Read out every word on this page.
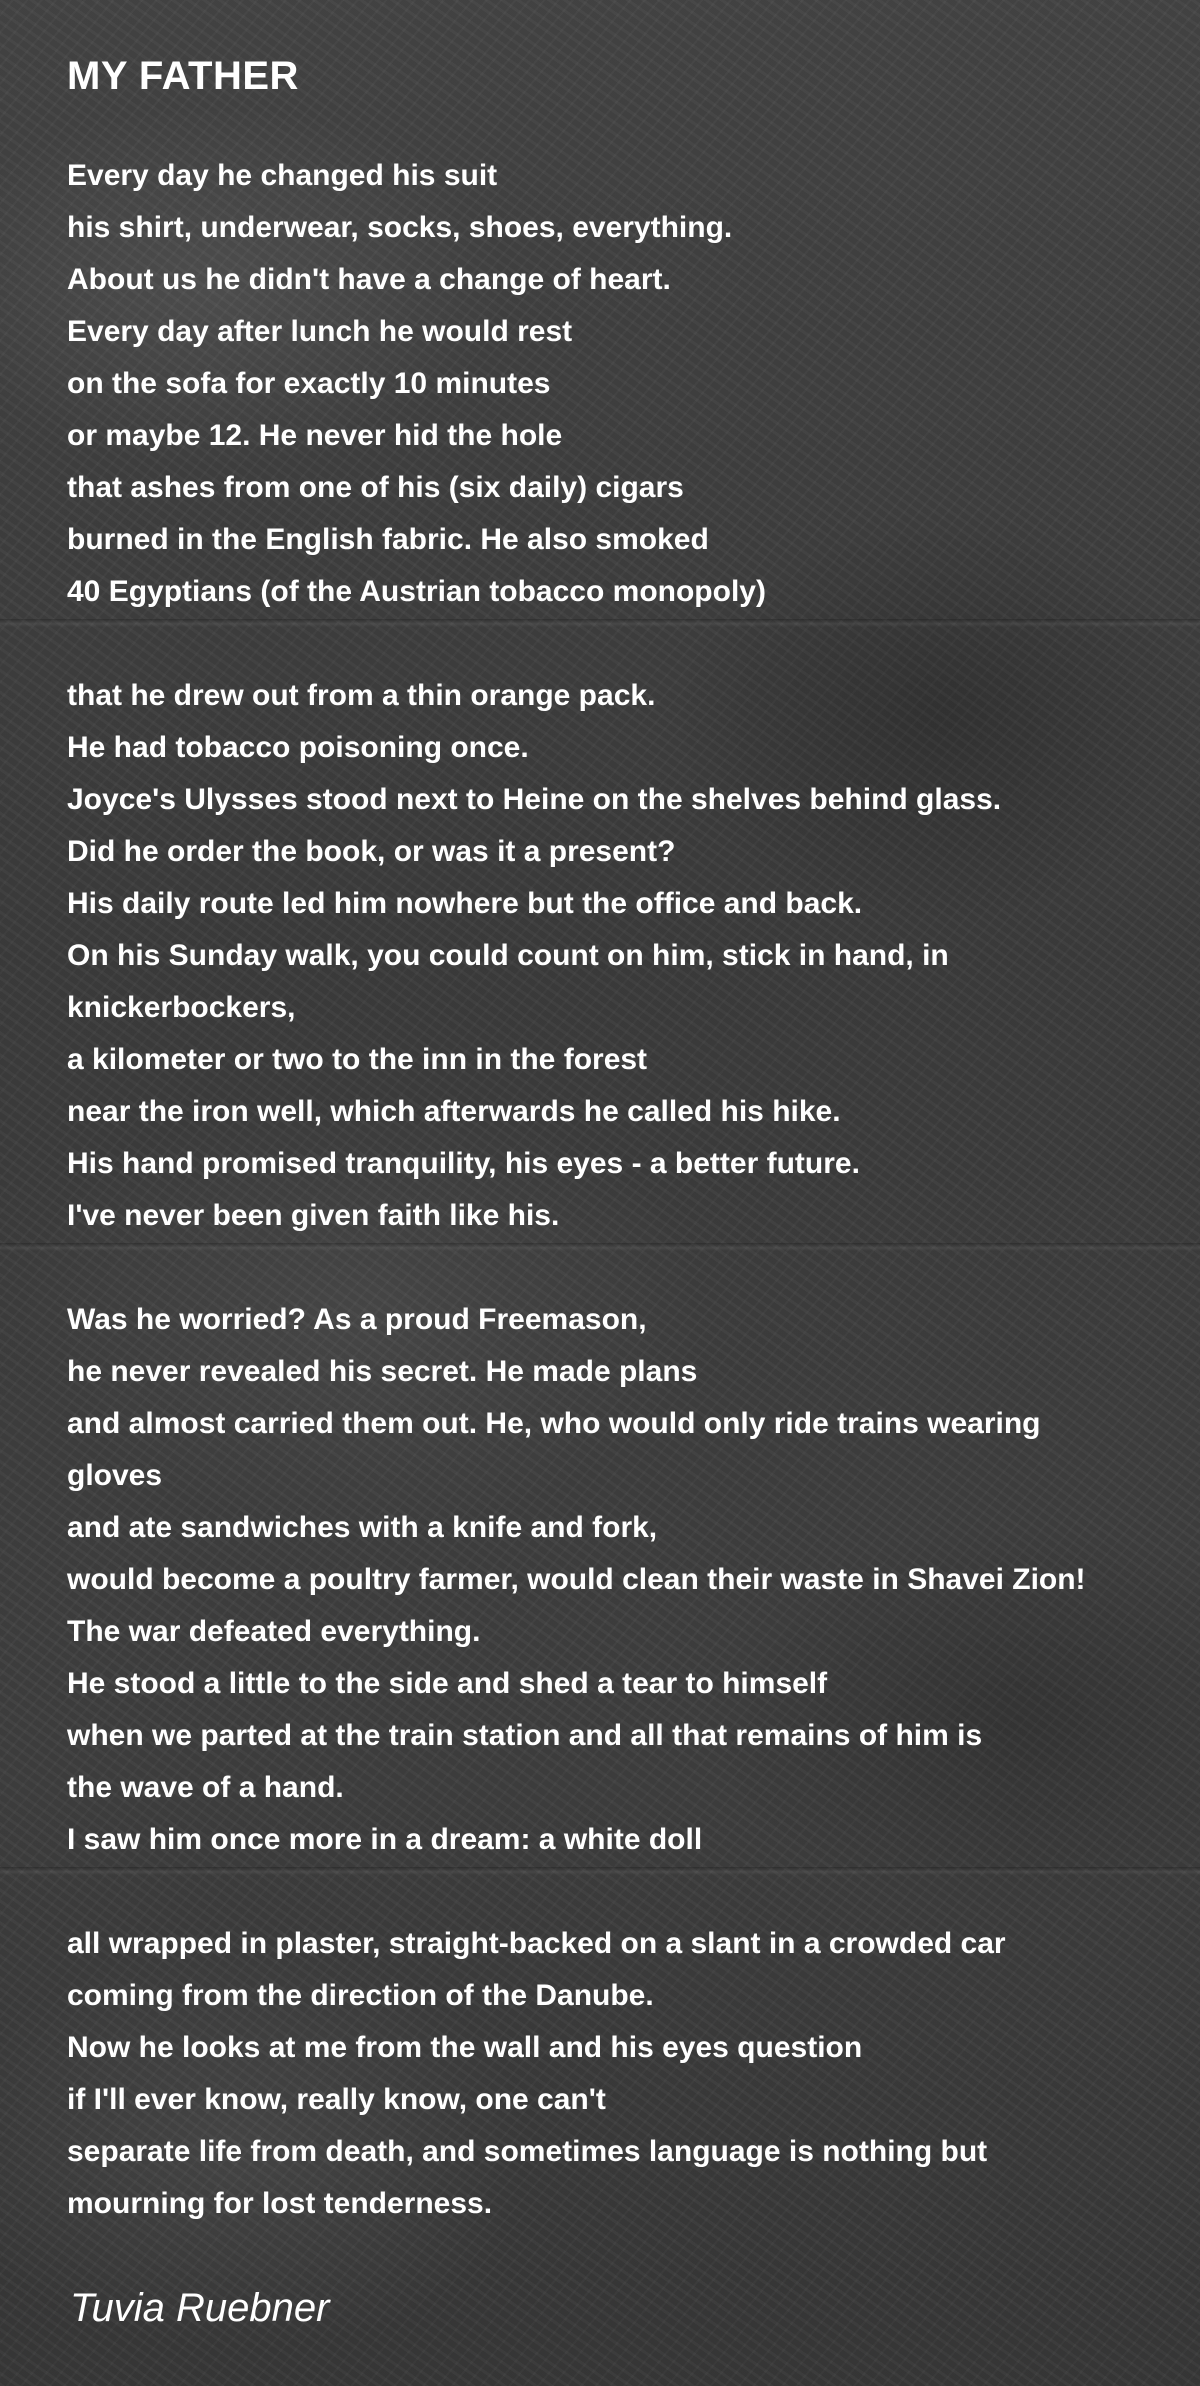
MY FATHER
Every day he changed his suit
his shirt, underwear, socks, shoes, everything.
About us he didn't have a change of heart.
Every day after lunch he would rest
on the sofa for exactly 10 minutes
or maybe 12. He never hid the hole
that ashes from one of his (six daily) cigars
burned in the English fabric. He also smoked
40 Egyptians (of the Austrian tobacco monopoly)
that he drew out from a thin orange pack.
He had tobacco poisoning once.
Joyce's Ulysses stood next to Heine on the shelves behind glass.
Did he order the book, or was it a present?
His daily route led him nowhere but the office and back.
On his Sunday walk, you could count on him, stick in hand, in
knickerbockers,
a kilometer or two to the inn in the forest
near the iron well, which afterwards he called his hike.
His hand promised tranquility, his eyes - a better future.
I've never been given faith like his.
Was he worried? As a proud Freemason,
he never revealed his secret. He made plans
and almost carried them out. He, who would only ride trains wearing
gloves
and ate sandwiches with a knife and fork,
would become a poultry farmer, would clean their waste in Shavei Zion!
The war defeated everything.
He stood a little to the side and shed a tear to himself
when we parted at the train station and all that remains of him is
the wave of a hand.
I saw him once more in a dream: a white doll
all wrapped in plaster, straight-backed on a slant in a crowded car
coming from the direction of the Danube.
Now he looks at me from the wall and his eyes question
if I'll ever know, really know, one can't
separate life from death, and sometimes language is nothing but
mourning for lost tenderness.
Tuvia Ruebner
